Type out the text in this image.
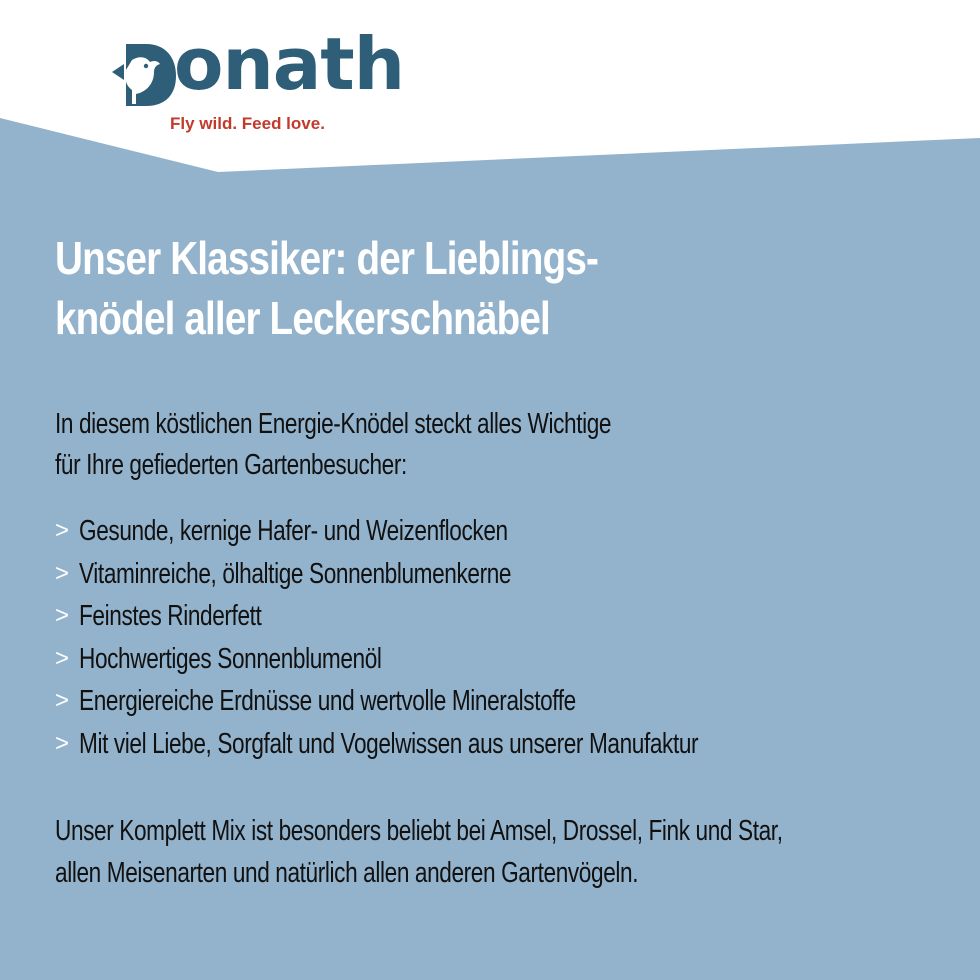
onath
Fly wild. Feed love.
Unser Klassiker: der Lieblings-
knödel aller Leckerschnäbel

In diesem köstlichen Energie-Knödel steckt alles Wichtige

für Ihre gefiederten Gartenbesucher:

> Gesunde, kernige Hafer- und Weizenflocken
> Vitaminreiche, ölhaltige Sonnenblumenkerne
> Feinstes Rinderfett
> Hochwertiges Sonnenblumenöl
> Energiereiche Erdnüsse und wertvolle Mineralstoffe
> Mit viel Liebe, Sorgfalt und Vogelwissen aus unserer Manufaktur

Unser Komplett Mix ist besonders beliebt bei Amsel, Drossel, Fink und Star,

allen Meisenarten und natürlich allen anderen Gartenvögeln.
